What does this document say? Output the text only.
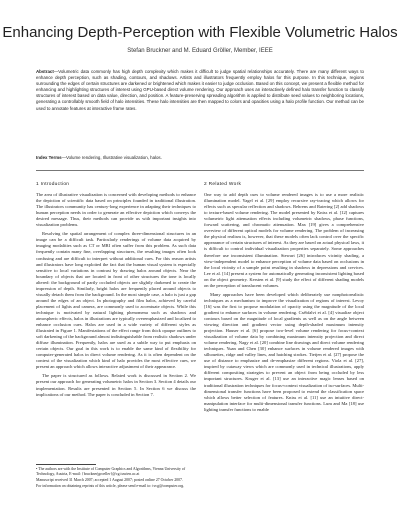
Enhancing Depth-Perception with Flexible Volumetric Halos
Stefan Bruckner and M. Eduard Gröller, Member, IEEE

Abstract—Volumetric data commonly has high depth complexity which makes it difficult to judge spatial relationships accurately. There are many different ways to enhance depth perception, such as shading, contours, and shadows. Artists and illustrators frequently employ halos for this purpose. In this technique, regions surrounding the edges of certain structures are darkened or brightened which makes it easier to judge occlusion. Based on this concept, we present a flexible method for enhancing and highlighting structures of interest using GPU-based direct volume rendering. Our approach uses an interactively defined halo transfer function to classify structures of interest based on data value, direction, and position. A feature-preserving spreading algorithm is applied to distribute seed values to neighboring locations, generating a controllably smooth field of halo intensities. These halo intensities are then mapped to colors and opacities using a halo profile function. Our method can be used to annotate features at interactive frame rates.

Index Terms—Volume rendering, Illustrative visualization, halos.

1 Introduction

The area of illustrative visualization is concerned with developing methods to enhance the depiction of scientific data based on principles founded in traditional illustration. The illustrators community has century-long experience in adapting their techniques to human perception needs in order to generate an effective depiction which conveys the desired message. Thus, their methods can provide us with important insights into visualization problems.

Resolving the spatial arrangement of complex three-dimensional structures in an image can be a difficult task. Particularly renderings of volume data acquired by imaging modalities such as CT or MRI often suffer from this problem. As such data frequently contain many fine, overlapping structures, the resulting images often look confusing and are difficult to interpret without additional cues. For this reason artists and illustrators have long exploited the fact that the human visual system is especially sensitive to local variations in contrast by drawing halos around objects. Near the boundary of objects that are located in front of other structures the tone is locally altered: the background of partly occluded objects are slightly darkened to create the impression of depth. Similarly, bright halos are frequently placed around objects to visually detach them from the background. In the most simple case, a halo is just a gap around the edges of an object. In photography and film halos, achieved by careful placement of lights and camera, are commonly used to accentuate objects. While this technique is motivated by natural lighting phenomena such as shadows and atmospheric effects, halos in illustrations are typically overemphasized and localized to enhance occlusion cues. Halos are used in a wide variety of different styles as illustrated in Figure 1. Manifestations of the effect range from thick opaque outlines to soft darkening of the background almost indistinguishable from realistic shadows under diffuse illumination. Frequently, halos are used as a subtle way to put emphasis on certain objects. Our goal in this work is to enable the same kind of flexibility for computer-generated halos in direct volume rendering. As it is often dependent on the context of the visualization which kind of halo provides the most effective cues, we present an approach which allows interactive adjustment of their appearance.

The paper is structured as follows. Related work is discussed in Section 2. We present our approach for generating volumetric halos in Section 3. Section 4 details our implementation. Results are presented in Section 5. In Section 6 we discuss the implications of our method. The paper is concluded in Section 7.

2 Related Work

One way to add depth cues to volume rendered images is to use a more realistic illumination model. Yagel et al. [29] employ recursive ray-tracing which allows for effects such as specular reflection and shadows. Behrens and Ratering [2] add shadows to texture-based volume rendering. The model presented by Kniss et al. [12] captures volumetric light attenuation effects including volumetric shadows, phase functions, forward scattering, and chromatic attenuation. Max [19] gives a comprehensive overview of different optical models for volume rendering. The problem of increasing the physical realism is, however, that these models often lack control over the specific appearance of certain structures of interest. As they are based on actual physical laws, it is difficult to control individual visualization properties separately. Some approaches therefore use inconsistent illumination. Stewart [26] introduces vicinity shading, a view-independent model to enhance perception of volume data based on occlusions in the local vicinity of a sample point resulting in shadows in depressions and crevices. Lee et al. [14] present a system for automatically generating inconsistent lighting based on the object geometry. Kersten et al. [9] study the effect of different shading models on the perception of translucent volumes.

Many approaches have been developed which deliberately use nonphotorealistic techniques as a mechanism to improve the visualization of regions of interest. Levoy [16] was the first to propose modulation of opacity using the magnitude of the local gradient to enhance surfaces in volume rendering. Csébfalvi et al. [4] visualize object contours based on the magnitude of local gradients as well as on the angle between viewing direction and gradient vector using depth-shaded maximum intensity projection. Hauser et al. [6] propose two-level volume rendering for focus+context visualization of volume data by combining maximum intensity projection and direct volume rendering. Nagy et al. [20] combine line drawings and direct volume rendering techniques. Yuan and Chen [30] enhance surfaces in volume rendered images with silhouettes, ridge and valley lines, and hatching strokes. Tietjen et al. [27] propose the use of distance to emphasize and de-emphasize different regions. Viola et al. [27], inspired by cutaway views which are commonly used in technical illustrations, apply different compositing strategies to prevent an object from being occluded by less important structures. Kruger et al. [13] use an interactive magic lenses based on traditional illustration techniques for focus+context visualization of iso-surfaces. Multi-dimensional transfer functions have been proposed to extend the classification space which allows better selection of features. Kniss et al. [11] use an intuitive direct-manipulation interface for multi-dimensional transfer functions. Lum and Ma [18] use lighting transfer functions to enable

• The authors are with the Institute of Computer Graphics and Algorithms, Vienna University of Technology, Austria, E-mail: {bruckner|groeller}@cg.tuwien.ac.at

Manuscript received 31 March 2007; accepted 1 August 2007; posted online 27 October 2007.

For information on obtaining reprints of this article, please send e-mail to: tvcg@computer.org.
